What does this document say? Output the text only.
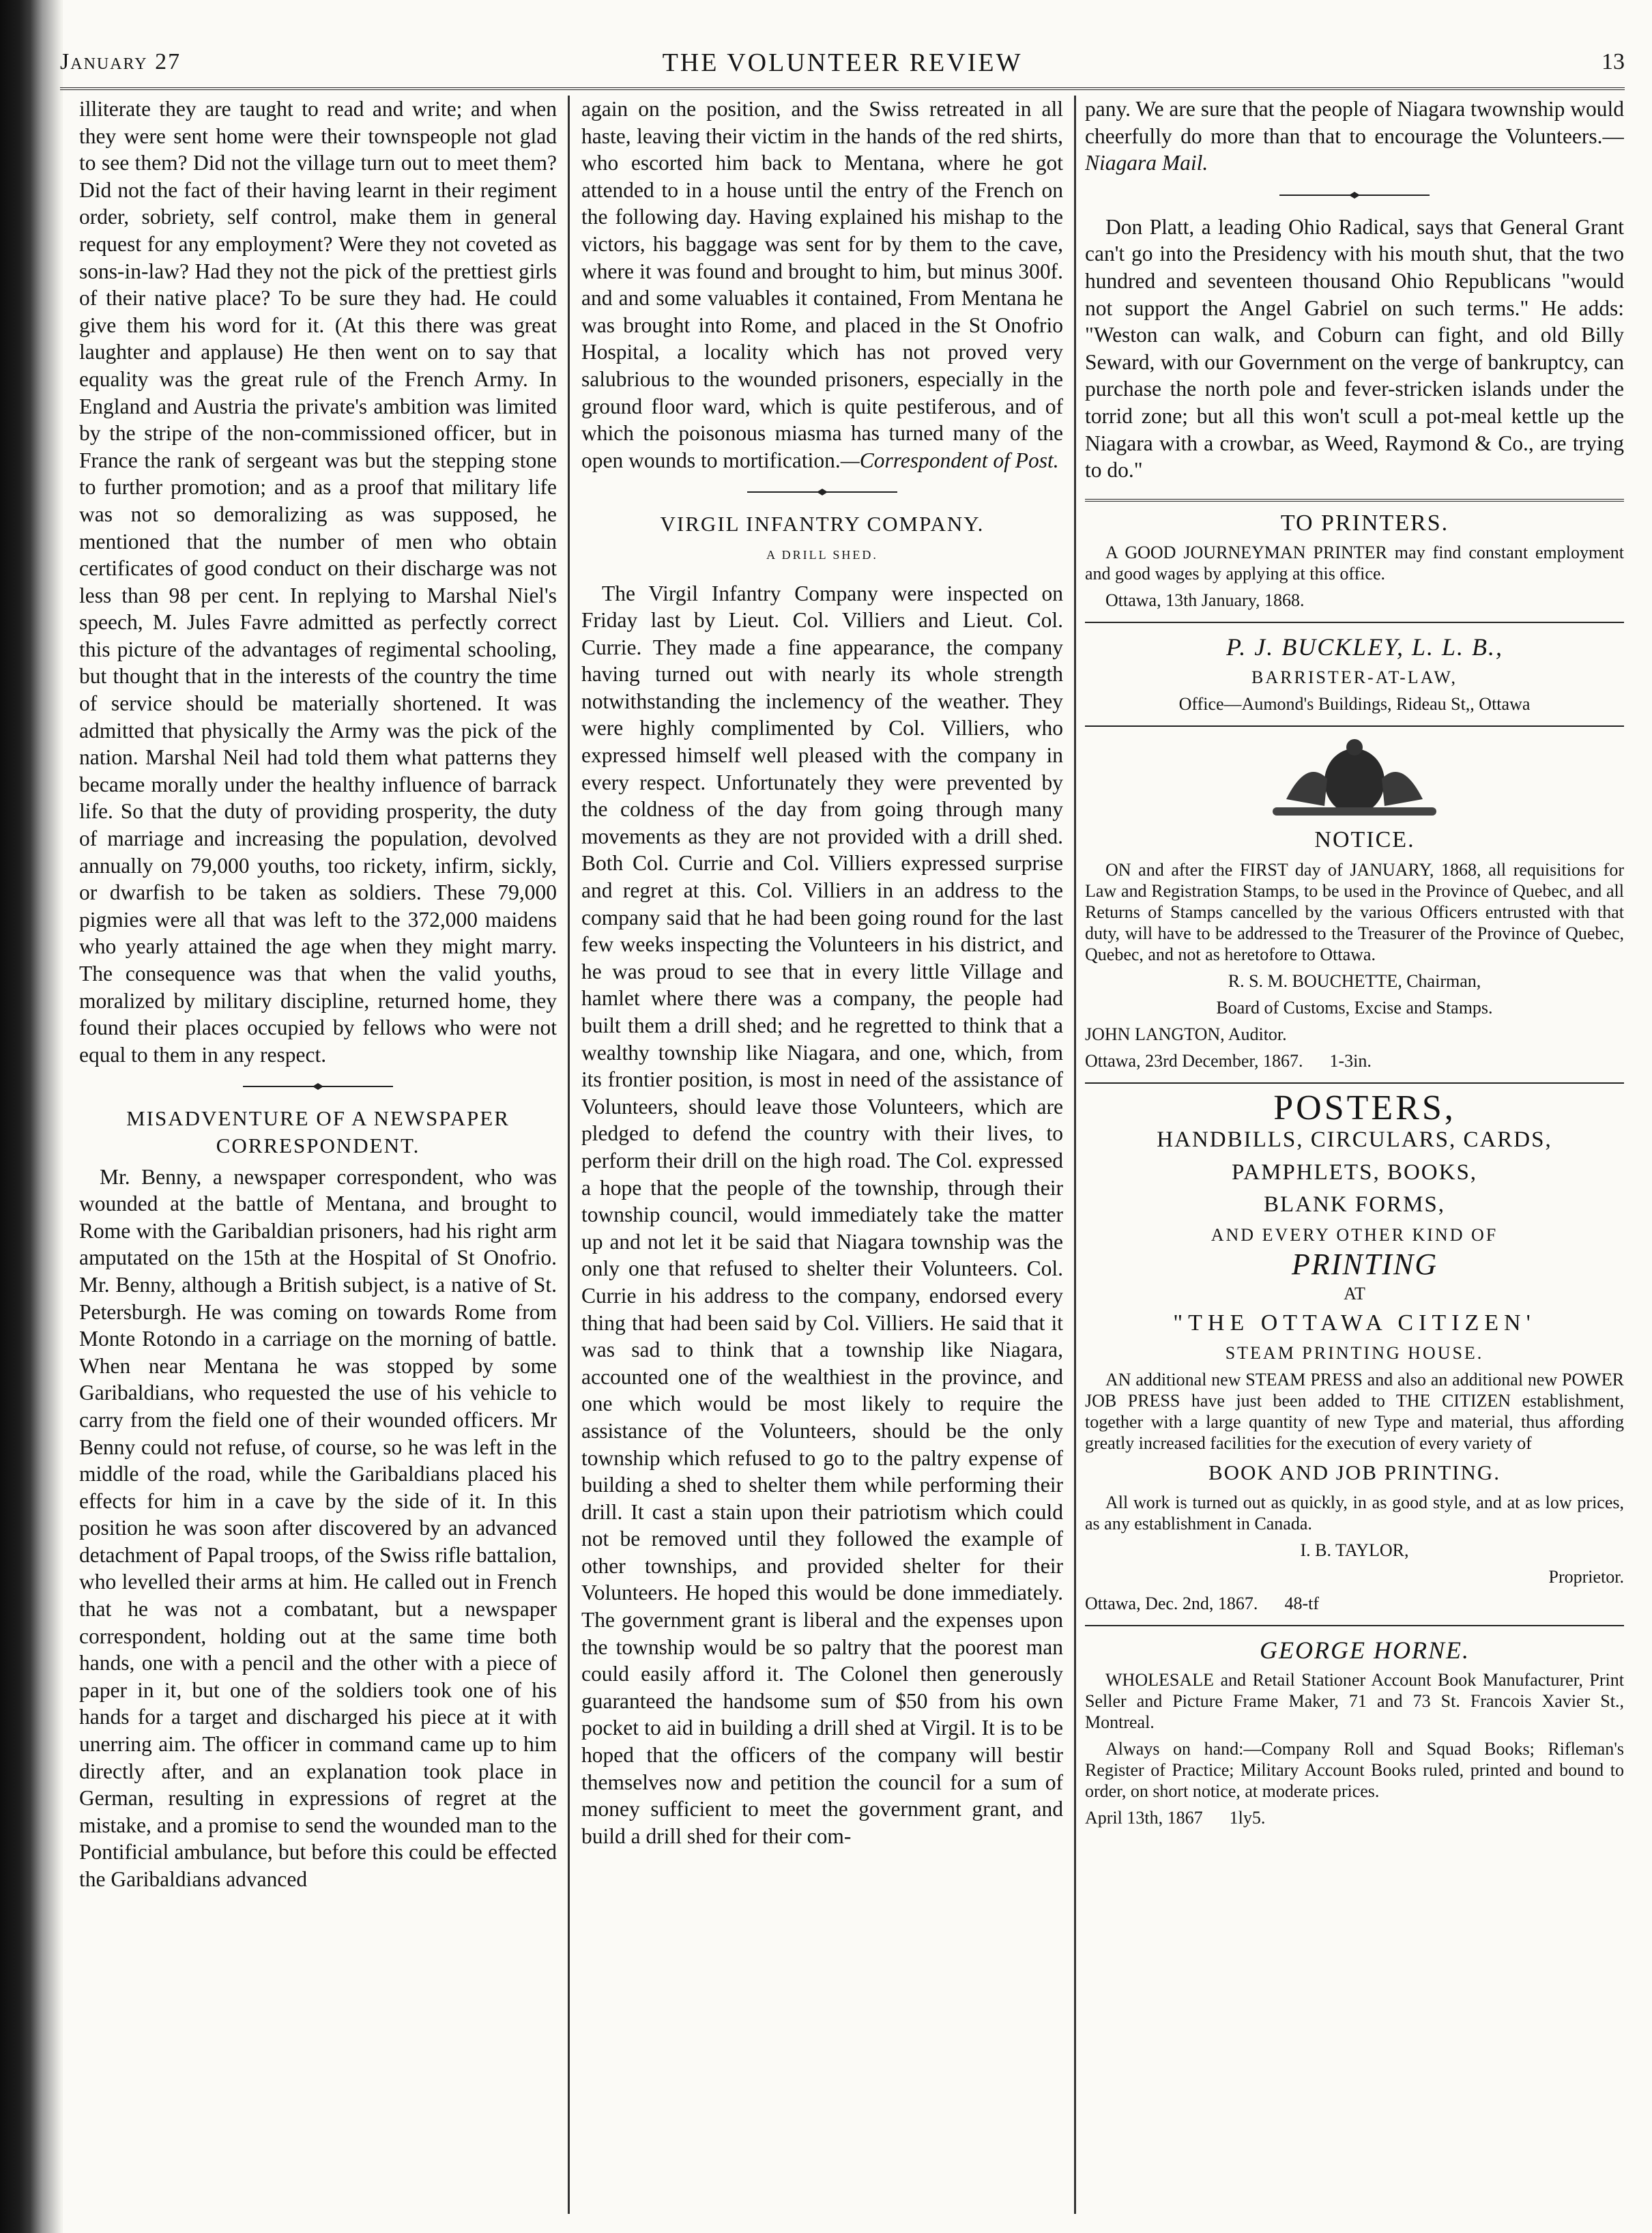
January 27	THE VOLUNTEER REVIEW	13

illiterate they are taught to read and write; and when they were sent home were their townspeople not glad to see them? Did not the village turn out to meet them? Did not the fact of their having learnt in their regiment order, sobriety, self control, make them in general request for any employment? Were they not coveted as sons-in-law? Had they not the pick of the prettiest girls of their native place? To be sure they had. He could give them his word for it. (At this there was great laughter and applause) He then went on to say that equality was the great rule of the French Army. In England and Austria the private's ambition was limited by the stripe of the non-commissioned officer, but in France the rank of sergeant was but the stepping stone to further promotion; and as a proof that military life was not so demoralizing as was supposed, he mentioned that the number of men who obtain certificates of good conduct on their discharge was not less than 98 per cent. In replying to Marshal Niel's speech, M. Jules Favre admitted as perfectly correct this picture of the advantages of regimental schooling, but thought that in the interests of the country the time of service should be materially shortened. It was admitted that physically the Army was the pick of the nation. Marshal Neil had told them what patterns they became morally under the healthy influence of barrack life. So that the duty of providing prosperity, the duty of marriage and increasing the population, devolved annually on 79,000 youths, too rickety, infirm, sickly, or dwarfish to be taken as soldiers. These 79,000 pigmies were all that was left to the 372,000 maidens who yearly attained the age when they might marry. The consequence was that when the valid youths, moralized by military discipline, returned home, they found their places occupied by fellows who were not equal to them in any respect.

MISADVENTURE OF A NEWSPAPER CORRESPONDENT.

Mr. Benny, a newspaper correspondent, who was wounded at the battle of Mentana, and brought to Rome with the Garibaldian prisoners, had his right arm amputated on the 15th at the Hospital of St Onofrio. Mr. Benny, although a British subject, is a native of St. Petersburgh. He was coming on towards Rome from Monte Rotondo in a carriage on the morning of battle. When near Mentana he was stopped by some Garibaldians, who requested the use of his vehicle to carry from the field one of their wounded officers. Mr Benny could not refuse, of course, so he was left in the middle of the road, while the Garibaldians placed his effects for him in a cave by the side of it. In this position he was soon after discovered by an advanced detachment of Papal troops, of the Swiss rifle battalion, who levelled their arms at him. He called out in French that he was not a combatant, but a newspaper correspondent, holding out at the same time both hands, one with a pencil and the other with a piece of paper in it, but one of the soldiers took one of his hands for a target and discharged his piece at it with unerring aim. The officer in command came up to him directly after, and an explanation took place in German, resulting in expressions of regret at the mistake, and a promise to send the wounded man to the Pontificial ambulance, but before this could be effected the Garibaldians advanced

again on the position, and the Swiss retreated in all haste, leaving their victim in the hands of the red shirts, who escorted him back to Mentana, where he got attended to in a house until the entry of the French on the following day. Having explained his mishap to the victors, his baggage was sent for by them to the cave, where it was found and brought to him, but minus 300f. and and some valuables it contained, From Mentana he was brought into Rome, and placed in the St Onofrio Hospital, a locality which has not proved very salubrious to the wounded prisoners, especially in the ground floor ward, which is quite pestiferous, and of which the poisonous miasma has turned many of the open wounds to mortification.—Correspondent of Post.

VIRGIL INFANTRY COMPANY.

A DRILL SHED.

The Virgil Infantry Company were inspected on Friday last by Lieut. Col. Villiers and Lieut. Col. Currie. They made a fine appearance, the company having turned out with nearly its whole strength notwithstanding the inclemency of the weather. They were highly complimented by Col. Villiers, who expressed himself well pleased with the company in every respect. Unfortunately they were prevented by the coldness of the day from going through many movements as they are not provided with a drill shed. Both Col. Currie and Col. Villiers expressed surprise and regret at this. Col. Villiers in an address to the company said that he had been going round for the last few weeks inspecting the Volunteers in his district, and he was proud to see that in every little Village and hamlet where there was a company, the people had built them a drill shed; and he regretted to think that a wealthy township like Niagara, and one, which, from its frontier position, is most in need of the assistance of Volunteers, should leave those Volunteers, which are pledged to defend the country with their lives, to perform their drill on the high road. The Col. expressed a hope that the people of the township, through their township council, would immediately take the matter up and not let it be said that Niagara township was the only one that refused to shelter their Volunteers. Col. Currie in his address to the company, endorsed every thing that had been said by Col. Villiers. He said that it was sad to think that a township like Niagara, accounted one of the wealthiest in the province, and one which would be most likely to require the assistance of the Volunteers, should be the only township which refused to go to the paltry expense of building a shed to shelter them while performing their drill. It cast a stain upon their patriotism which could not be removed until they followed the example of other townships, and provided shelter for their Volunteers. He hoped this would be done immediately. The government grant is liberal and the expenses upon the township would be so paltry that the poorest man could easily afford it. The Colonel then generously guaranteed the handsome sum of $50 from his own pocket to aid in building a drill shed at Virgil. It is to be hoped that the officers of the company will bestir themselves now and petition the council for a sum of money sufficient to meet the government grant, and build a drill shed for their com-

pany. We are sure that the people of Niagara twownship would cheerfully do more than that to encourage the Volunteers.— Niagara Mail.

Don Platt, a leading Ohio Radical, says that General Grant can't go into the Presidency with his mouth shut, that the two hundred and seventeen thousand Ohio Republicans "would not support the Angel Gabriel on such terms." He adds: "Weston can walk, and Coburn can fight, and old Billy Seward, with our Government on the verge of bankruptcy, can purchase the north pole and fever-stricken islands under the torrid zone; but all this won't scull a pot-meal kettle up the Niagara with a crowbar, as Weed, Raymond & Co., are trying to do."

TO PRINTERS.

A GOOD JOURNEYMAN PRINTER may find constant employment and good wages by applying at this office.

Ottawa, 13th January, 1868.

P. J. BUCKLEY, L. L. B.,

BARRISTER-AT-LAW,

Office—Aumond's Buildings, Rideau St,, Ottawa

NOTICE.

ON and after the FIRST day of JANUARY, 1868, all requisitions for Law and Registration Stamps, to be used in the Province of Quebec, and all Returns of Stamps cancelled by the various Officers entrusted with that duty, will have to be addressed to the Treasurer of the Province of Quebec, Quebec, and not as heretofore to Ottawa.

R. S. M. BOUCHETTE, Chairman,

Board of Customs, Excise and Stamps.

JOHN LANGTON, Auditor.

Ottawa, 23rd December, 1867. 1-3in.

POSTERS,

HANDBILLS, CIRCULARS, CARDS,

PAMPHLETS, BOOKS,

BLANK FORMS,

AND EVERY OTHER KIND OF

PRINTING

AT

"THE OTTAWA CITIZEN'

STEAM PRINTING HOUSE.

AN additional new STEAM PRESS and also an additional new POWER JOB PRESS have just been added to THE CITIZEN establishment, together with a large quantity of new Type and material, thus affording greatly increased facilities for the execution of every variety of

BOOK AND JOB PRINTING.

All work is turned out as quickly, in as good style, and at as low prices, as any establishment in Canada.

I. B. TAYLOR,

Proprietor.

Ottawa, Dec. 2nd, 1867. 48-tf

GEORGE HORNE.

WHOLESALE and Retail Stationer Account Book Manufacturer, Print Seller and Picture Frame Maker, 71 and 73 St. Francois Xavier St., Montreal.

Always on hand:—Company Roll and Squad Books; Rifleman's Register of Practice; Military Account Books ruled, printed and bound to order, on short notice, at moderate prices.

April 13th, 1867 1ly5.
